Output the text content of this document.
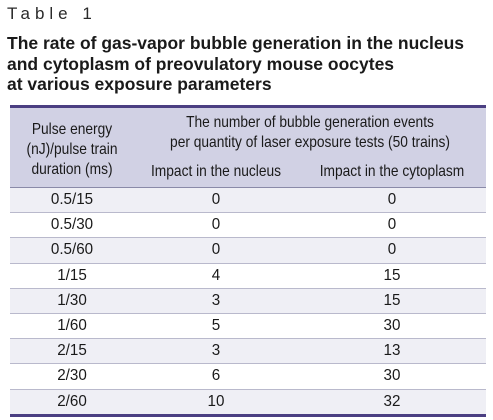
Table 1
The rate of gas-vapor bubble generation in the nucleus
and cytoplasm of preovulatory mouse oocytes
at various exposure parameters
Pulse energy
(nJ)/pulse train
duration (ms)	The number of bubble generation events
per quantity of laser exposure tests (50 trains)	

	Impact in the nucleus	Impact in the cytoplasm
0.5/15	0	0
0.5/30	0	0
0.5/60	0	0
1/15	4	15
1/30	3	15
1/60	5	30
2/15	3	13
2/30	6	30
2/60	10	32
